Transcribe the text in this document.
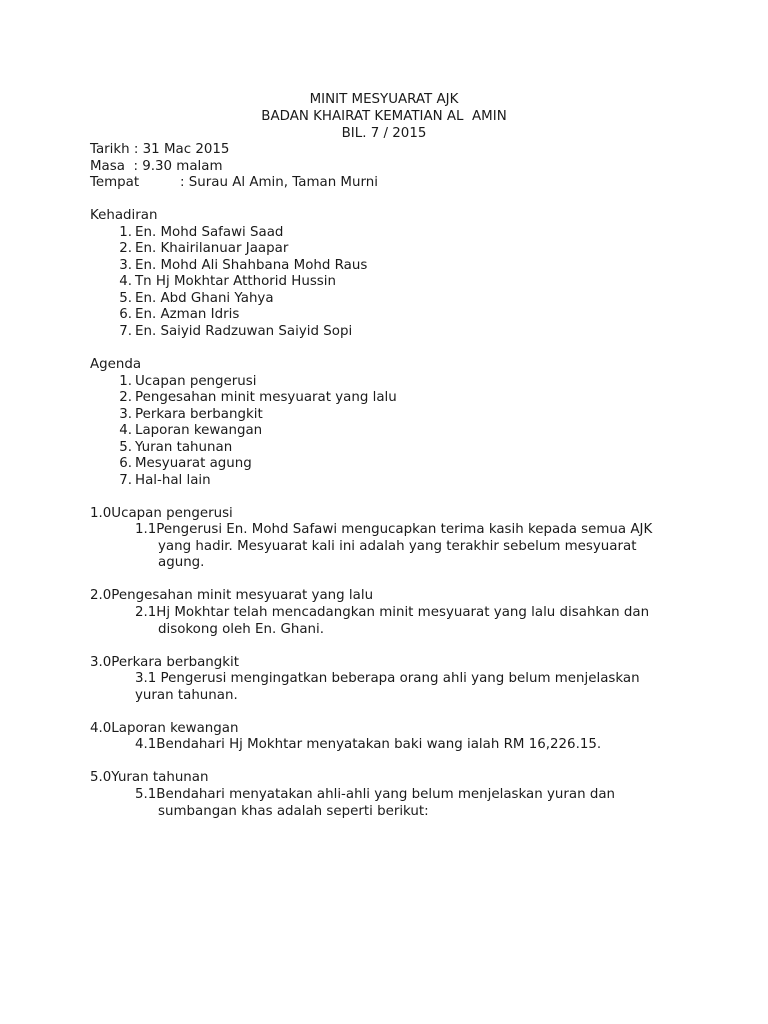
MINIT MESYUARAT AJK
BADAN KHAIRAT KEMATIAN AL  AMIN
BIL. 7 / 2015
Tarikh : 31 Mac 2015
Masa  : 9.30 malam
Tempat	: Surau Al Amin, Taman Murni
Kehadiran
1. En. Mohd Safawi Saad
2. En. Khairilanuar Jaapar
3. En. Mohd Ali Shahbana Mohd Raus
4. Tn Hj Mokhtar Atthorid Hussin
5. En. Abd Ghani Yahya
6. En. Azman Idris
7. En. Saiyid Radzuwan Saiyid Sopi
Agenda
1. Ucapan pengerusi
2. Pengesahan minit mesyuarat yang lalu
3. Perkara berbangkit
4. Laporan kewangan
5. Yuran tahunan
6. Mesyuarat agung
7. Hal-hal lain
1.0Ucapan pengerusi
1.1Pengerusi En. Mohd Safawi mengucapkan terima kasih kepada semua AJK
yang hadir. Mesyuarat kali ini adalah yang terakhir sebelum mesyuarat
agung.
2.0Pengesahan minit mesyuarat yang lalu
2.1Hj Mokhtar telah mencadangkan minit mesyuarat yang lalu disahkan dan
disokong oleh En. Ghani.
3.0Perkara berbangkit
3.1 Pengerusi mengingatkan beberapa orang ahli yang belum menjelaskan
yuran tahunan.
4.0Laporan kewangan
4.1Bendahari Hj Mokhtar menyatakan baki wang ialah RM 16,226.15.
5.0Yuran tahunan
5.1Bendahari menyatakan ahli-ahli yang belum menjelaskan yuran dan
sumbangan khas adalah seperti berikut:
